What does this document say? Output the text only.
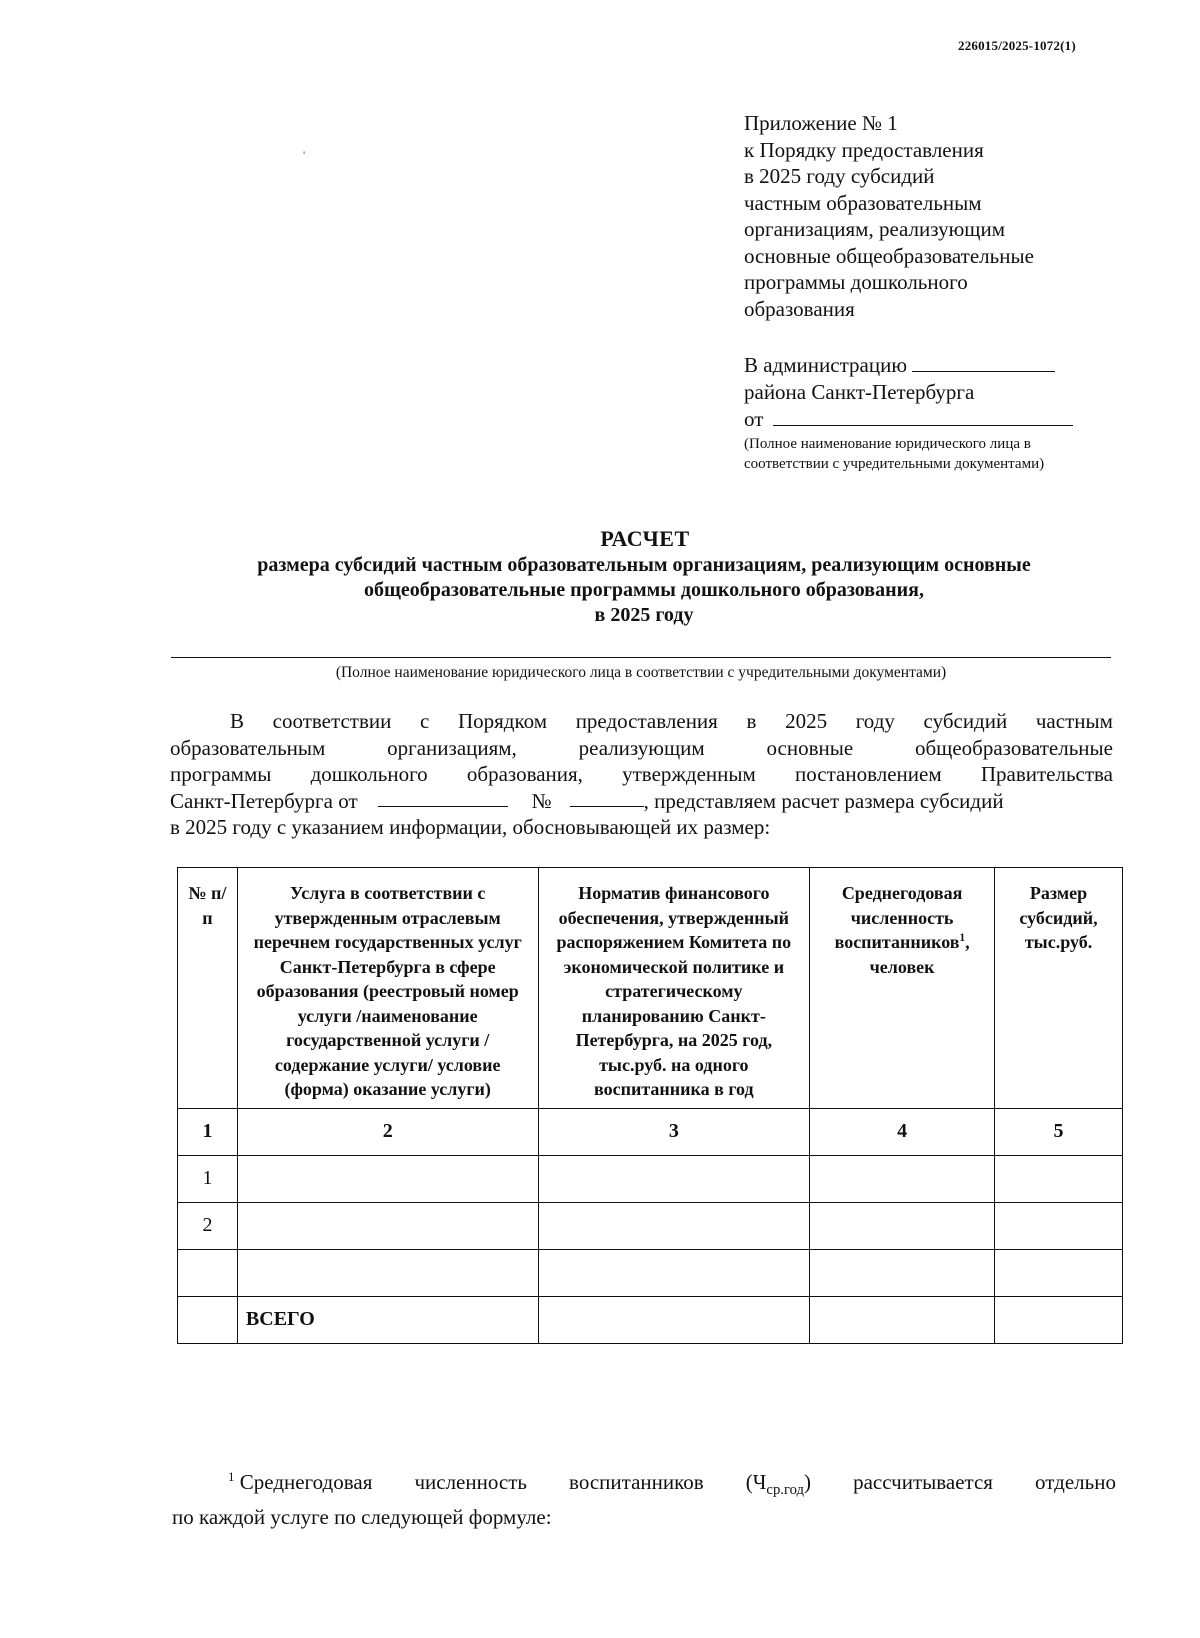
226015/2025-1072(1)
'
Приложение № 1
к Порядку предоставления
в 2025 году субсидий
частным образовательным
организациям, реализующим
основные общеобразовательные
программы дошкольного
образования
В администрацию
района Санкт-Петербурга
от
(Полное наименование юридического лица в соответствии с учредительными документами)
РАСЧЕТ
размера субсидий частным образовательным организациям, реализующим основные
общеобразовательные программы дошкольного образования,
в 2025 году
(Полное наименование юридического лица в соответствии с учредительными документами)
В соответствии с Порядком предоставления в 2025 году субсидий частным
образовательным	организациям,	реализующим	основные	общеобразовательные
программы дошкольного образования, утвержденным постановлением Правительства
Санкт-Петербурга от	№	, представляем расчет размера субсидий
в 2025 году с указанием информации, обосновывающей их размер:
№ п/п	Услуга в соответствии с утвержденным отраслевым перечнем государственных услуг Санкт-Петербурга в сфере образования (реестровый номер услуги /наименование государственной услуги /содержание услуги/ условие (форма) оказание услуги)	Норматив финансового обеспечения, утвержденный распоряжением Комитета по экономической политике и стратегическому планированию Санкт-Петербурга, на 2025 год, тыс.руб. на одного воспитанника в год	Среднегодовая численность воспитанников$^1$, человек	Размер субсидий, тыс.руб.
1	2	3	4	5
1				
2				

	ВСЕГО			
$^1$ Среднегодовая численность воспитанников $(Ч_{ср.год})$ рассчитывается отдельно
по каждой услуге по следующей формуле:
